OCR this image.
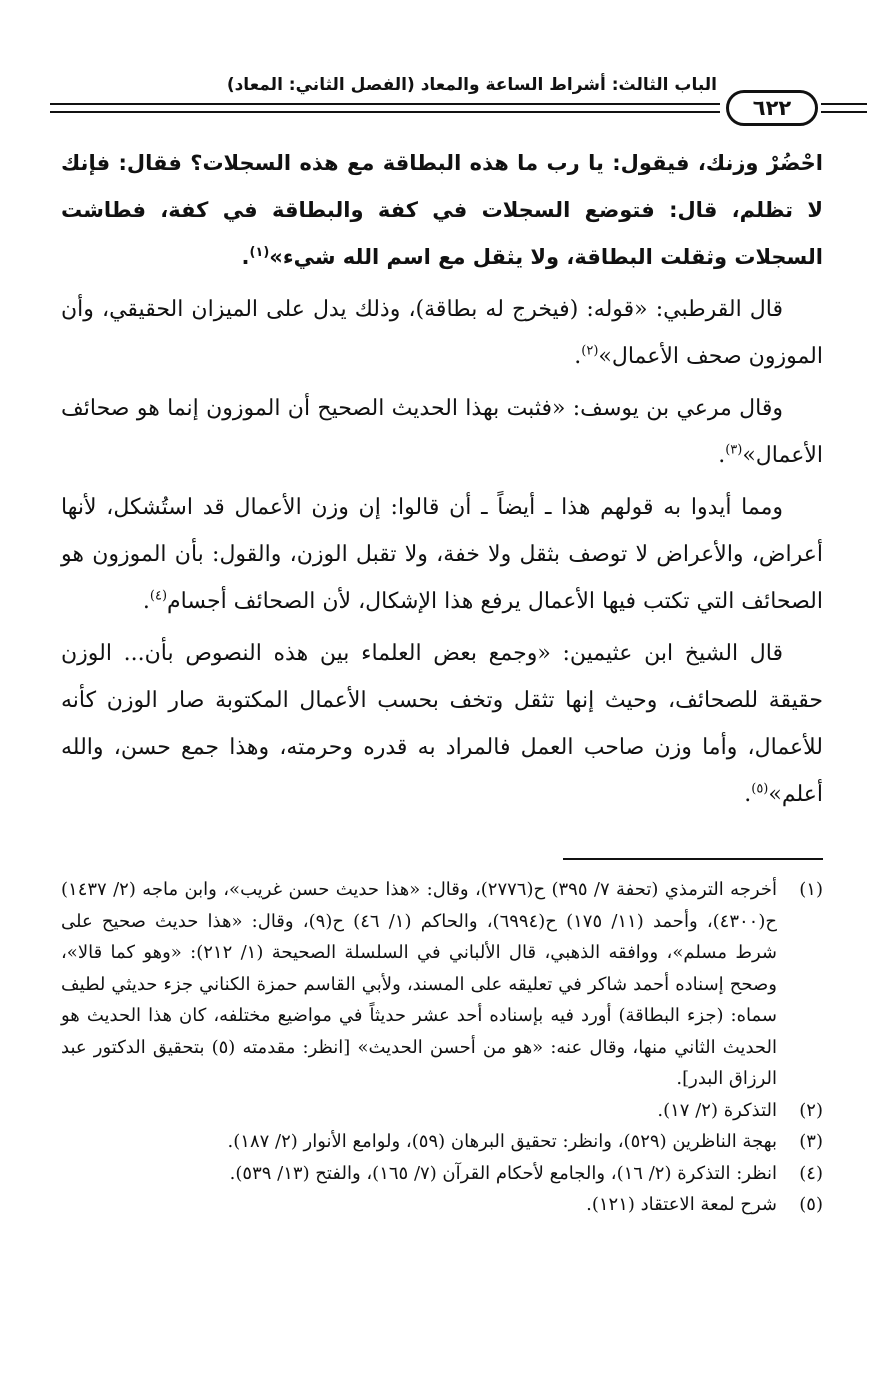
الباب الثالث: أشراط الساعة والمعاد (الفصل الثاني: المعاد)
٦٢٢

احْضُرْ وزنك، فيقول: يا رب ما هذه البطاقة مع هذه السجلات؟ فقال: فإنك لا تظلم، قال: فتوضع السجلات في كفة والبطاقة في كفة، فطاشت السجلات وثقلت البطاقة، ولا يثقل مع اسم الله شيء»$^{(١)}$.

قال القرطبي: «قوله: (فيخرج له بطاقة)، وذلك يدل على الميزان الحقيقي، وأن الموزون صحف الأعمال»$^{(٢)}$.

وقال مرعي بن يوسف: «فثبت بهذا الحديث الصحيح أن الموزون إنما هو صحائف الأعمال»$^{(٣)}$.

ومما أيدوا به قولهم هذا ـ أيضاً ـ أن قالوا: إن وزن الأعمال قد استُشكل، لأنها أعراض، والأعراض لا توصف بثقل ولا خفة، ولا تقبل الوزن، والقول: بأن الموزون هو الصحائف التي تكتب فيها الأعمال يرفع هذا الإشكال، لأن الصحائف أجسام$^{(٤)}$.

قال الشيخ ابن عثيمين: «وجمع بعض العلماء بين هذه النصوص بأن... الوزن حقيقة للصحائف، وحيث إنها تثقل وتخف بحسب الأعمال المكتوبة صار الوزن كأنه للأعمال، وأما وزن صاحب العمل فالمراد به قدره وحرمته، وهذا جمع حسن، والله أعلم»$^{(٥)}$.

(١)
أخرجه الترمذي (تحفة ٧/ ٣٩٥) ح(٢٧٧٦)، وقال: «هذا حديث حسن غريب»، وابن ماجه (٢/ ١٤٣٧) ح(٤٣٠٠)، وأحمد (١١/ ١٧٥) ح(٦٩٩٤)، والحاكم (١/ ٤٦) ح(٩)، وقال: «هذا حديث صحيح على شرط مسلم»، ووافقه الذهبي، قال الألباني في السلسلة الصحيحة (١/ ٢١٢): «وهو كما قالا»، وصحح إسناده أحمد شاكر في تعليقه على المسند، ولأبي القاسم حمزة الكناني جزء حديثي لطيف سماه: (جزء البطاقة) أورد فيه بإسناده أحد عشر حديثاً في مواضيع مختلفه، كان هذا الحديث هو الحديث الثاني منها، وقال عنه: «هو من أحسن الحديث» [انظر: مقدمته (٥) بتحقيق الدكتور عبد الرزاق البدر].
(٢)
التذكرة (٢/ ١٧).
(٣)
بهجة الناظرين (٥٢٩)، وانظر: تحقيق البرهان (٥٩)، ولوامع الأنوار (٢/ ١٨٧).
(٤)
انظر: التذكرة (٢/ ١٦)، والجامع لأحكام القرآن (٧/ ١٦٥)، والفتح (١٣/ ٥٣٩).
(٥)
شرح لمعة الاعتقاد (١٢١).
